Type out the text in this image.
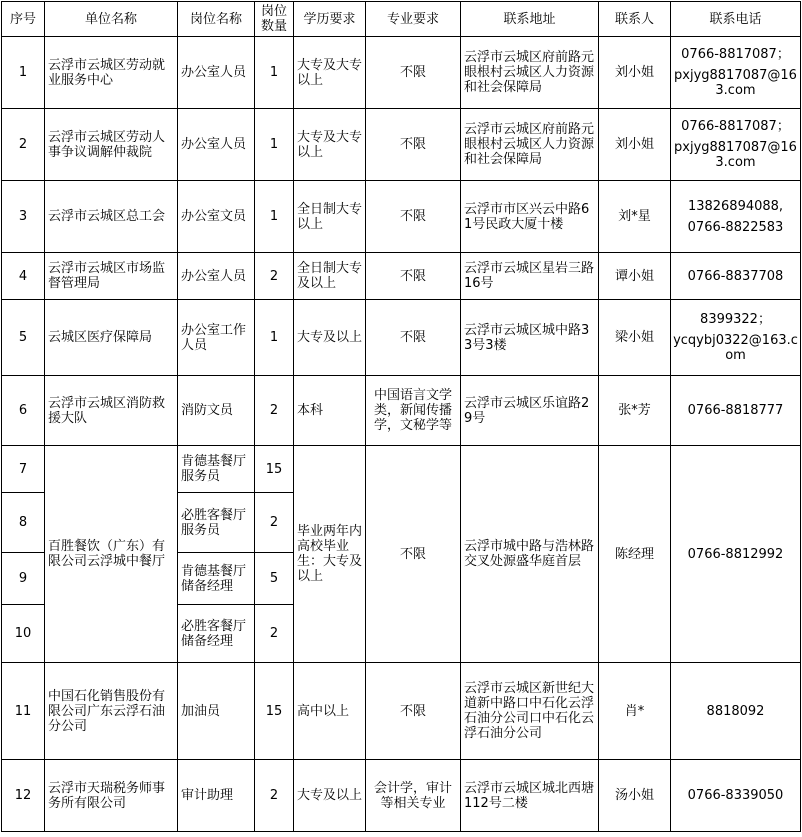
序号	单位名称	岗位名称	岗位数量	学历要求	专业要求	联系地址	联系人	联系电话
1	云浮市云城区劳动就业服务中心	办公室人员	1	大专及大专以上	不限	云浮市云城区府前路元眼根村云城区人力资源和社会保障局	刘小姐	0766-8817087；
pxjyg8817087@163.com

2	云浮市云城区劳动人事争议调解仲裁院	办公室人员	1	大专及大专以上	不限	云浮市云城区府前路元眼根村云城区人力资源和社会保障局	刘小姐	0766-8817087；
pxjyg8817087@163.com

3	云浮市云城区总工会	办公室文员	1	全日制大专以上	不限	云浮市市区兴云中路61号民政大厦十楼	刘*星	13826894088,
0766-8822583

4	云浮市云城区市场监督管理局	办公室人员	2	全日制大专及以上	不限	云浮市云城区星岩三路16号	谭小姐	0766-8837708

5	云城区医疗保障局	办公室工作人员	1	大专及以上	不限	云浮市云城区城中路33号3楼	梁小姐	8399322；
ycqybj0322@163.com

6	云浮市云城区消防救援大队	消防文员	2	本科	中国语言文学类，新闻传播学，文秘学等	云浮市云城区乐谊路29号	张*芳	0766-8818777

7	百胜餐饮（广东）有限公司云浮城中餐厅	肯德基餐厅服务员	15	毕业两年内高校毕业生：大专及以上	不限	云浮市城中路与浩林路交叉处源盛华庭首层	陈经理	0766-8812992
8		必胜客餐厅服务员	2					
9		肯德基餐厅储备经理	5					
10		必胜客餐厅储备经理	2					
11	中国石化销售股份有限公司广东云浮石油分公司	加油员	15	高中以上	不限	云浮市云城区新世纪大道新中路口中石化云浮石油分公司口中石化云浮石油分公司	肖*	8818092

12	云浮市天瑞税务师事务所有限公司	审计助理	2	大专及以上	会计学，审计等相关专业	云浮市云城区城北西塘112号二楼	汤小姐	0766-8339050
